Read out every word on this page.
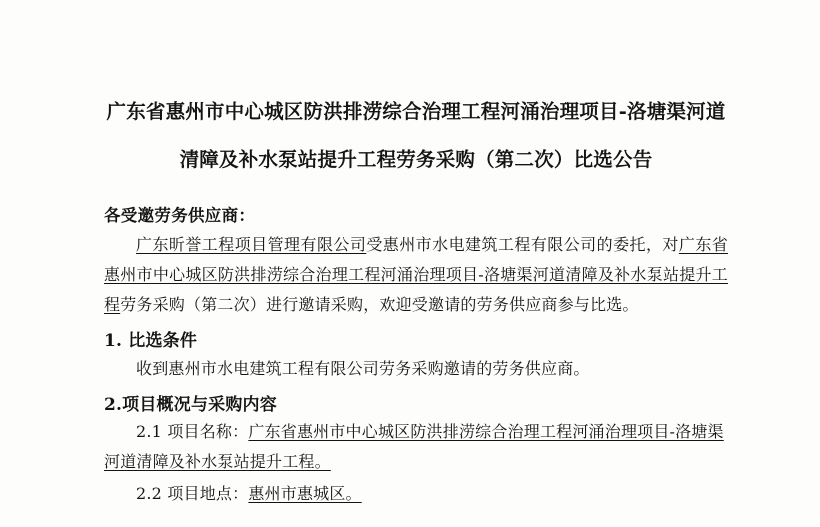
广东省惠州市中心城区防洪排涝综合治理工程河涌治理项目-洛塘渠河道
清障及补水泵站提升工程劳务采购（第二次）比选公告
各受邀劳务供应商：

广东昕誉工程项目管理有限公司受惠州市水电建筑工程有限公司的委托，对广东省惠州市中心城区防洪排涝综合治理工程河涌治理项目-洛塘渠河道清障及补水泵站提升工程劳务采购（第二次）进行邀请采购，欢迎受邀请的劳务供应商参与比选。

1. 比选条件

收到惠州市水电建筑工程有限公司劳务采购邀请的劳务供应商。

2.项目概况与采购内容

2.1 项目名称：广东省惠州市中心城区防洪排涝综合治理工程河涌治理项目-洛塘渠河道清障及补水泵站提升工程。

2.2 项目地点：惠州市惠城区。
